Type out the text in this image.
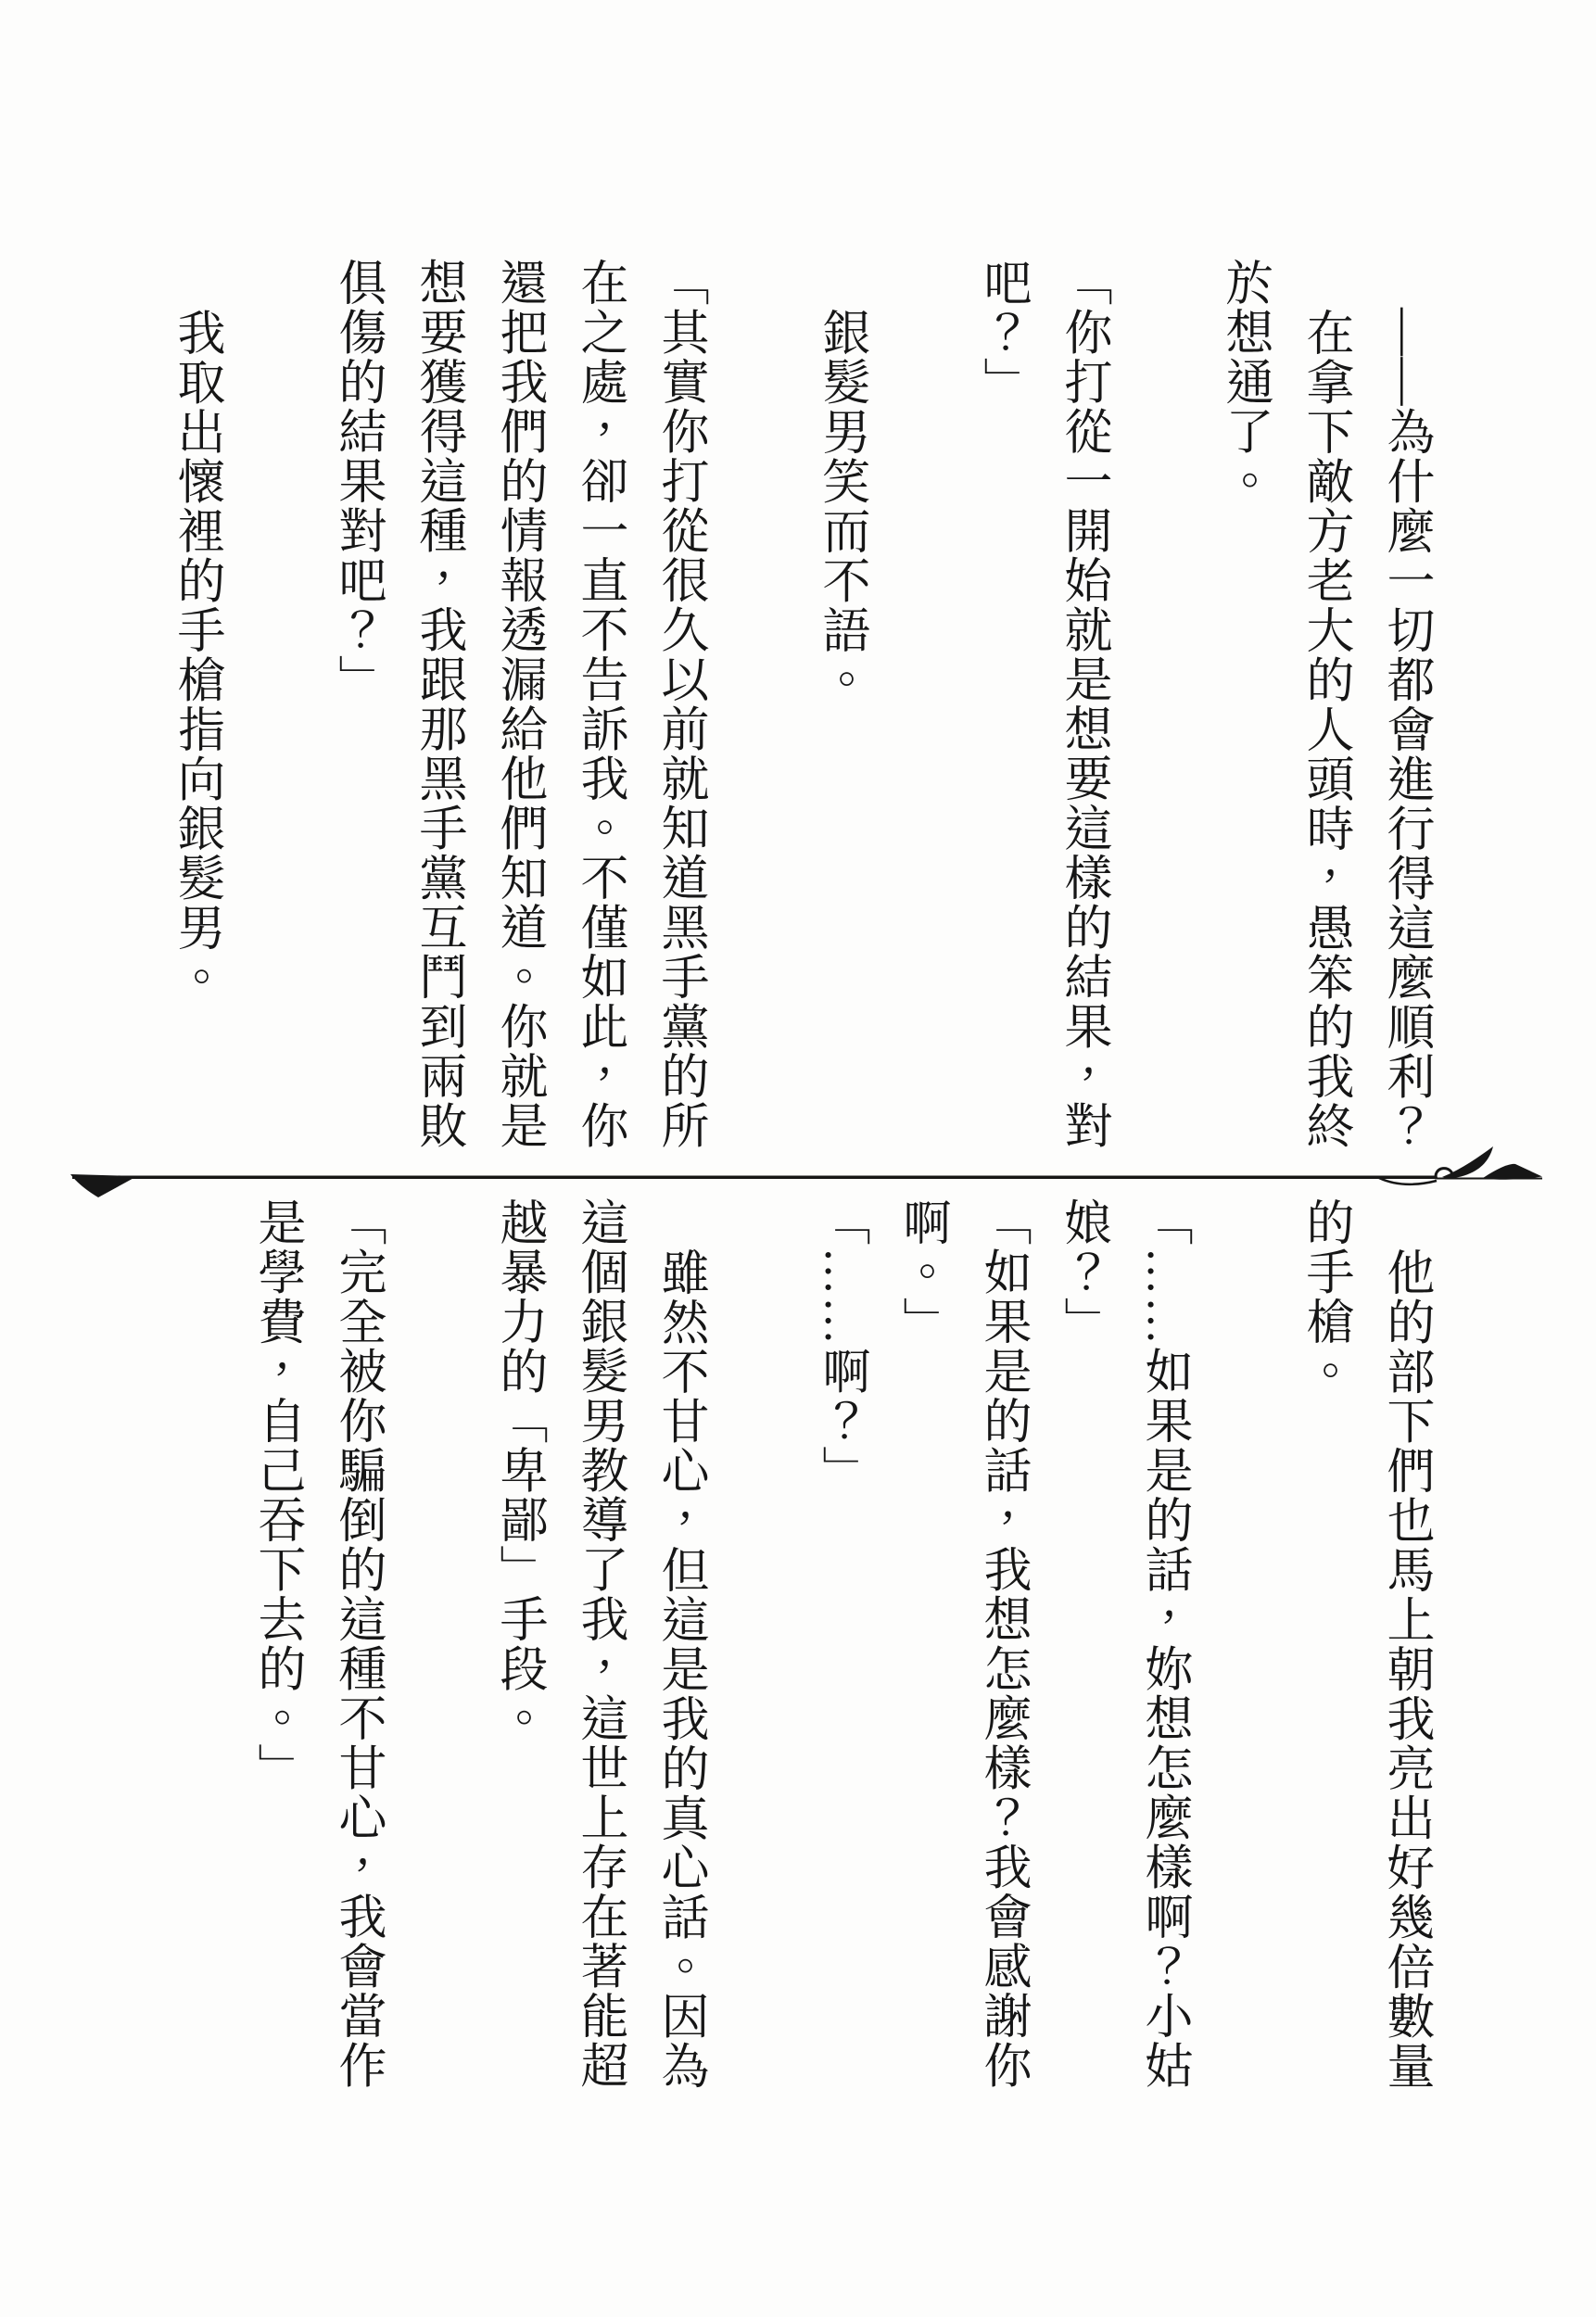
——為什麼一切都會進行得這麼順利？
在拿下敵方老大的人頭時，愚笨的我終
於想通了。
「你打從一開始就是想要這樣的結果，對
吧？」
銀髮男笑而不語。
「其實你打從很久以前就知道黑手黨的所
在之處，卻一直不告訴我。不僅如此，你
還把我們的情報透漏給他們知道。你就是
想要獲得這種，我跟那黑手黨互鬥到兩敗
俱傷的結果對吧？」
我取出懷裡的手槍指向銀髮男。
他的部下們也馬上朝我亮出好幾倍數量
的手槍。
「……如果是的話，妳想怎麼樣啊？小姑
娘？」
「如果是的話，我想怎麼樣？我會感謝你
啊。」
「……啊？」
雖然不甘心，但這是我的真心話。因為
這個銀髮男教導了我，這世上存在著能超
越暴力的「卑鄙」手段。
「完全被你騙倒的這種不甘心，我會當作
是學費，自己吞下去的。」
